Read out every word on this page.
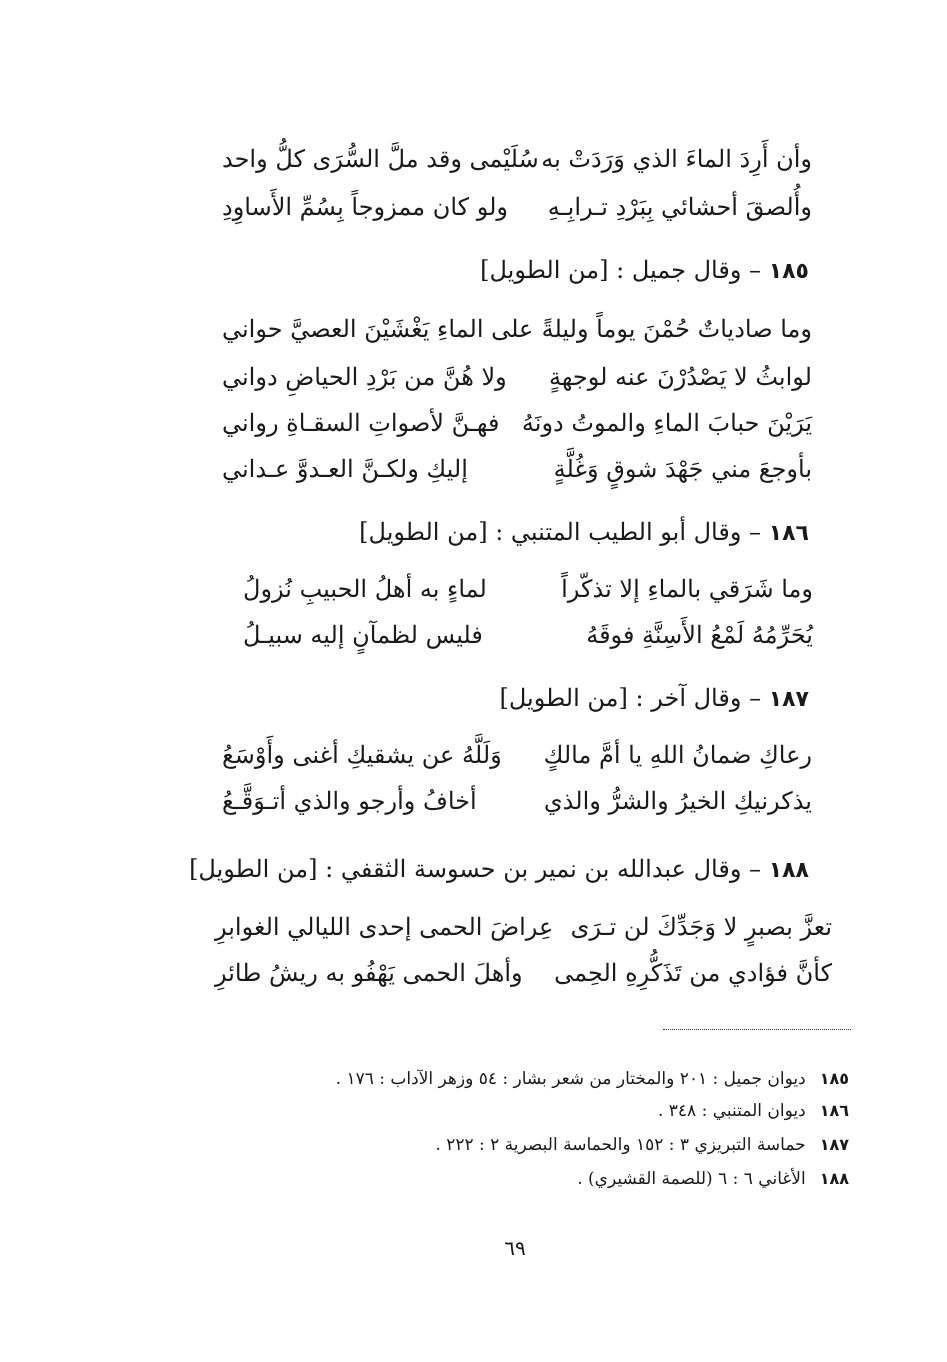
وأن أَرِدَ الماءَ الذي وَرَدَتْ به
سُلَيْمى وقد ملَّ السُّرَى كلُّ واحد
وأُلصقَ أحشائي بِبَرْدِ تـرابِـهِ
ولو كان ممزوجاً بِسُمِّ الأَساوِدِ
١٨٥ – وقال جميل : [من الطويل]
وما صادياتٌ حُمْنَ يوماً وليلةً
على الماءِ يَغْشَيْنَ العصيَّ حواني
لوابثُ لا يَصْدُرْنَ عنه لوجهةٍ
ولا هُنَّ من بَرْدِ الحياضِ دواني
يَرَيْنَ حبابَ الماءِ والموتُ دونَهُ
فهـنَّ لأصواتِ السقـاةِ رواني
بأوجعَ مني جَهْدَ شوقٍ وَغُلَّةٍ
إليكِ ولكـنَّ العـدوَّ عـداني
١٨٦ – وقال أبو الطيب المتنبي : [من الطويل]
وما شَرَقي بالماءِ إلا تذكّراً
لماءٍ به أهلُ الحبيبِ نُزولُ
يُحَرِّمُهُ لَمْعُ الأَسِنَّةِ فوقَهُ
فليس لظمآنٍ إليه سبيـلُ
١٨٧ – وقال آخر : [من الطويل]
رعاكِ ضمانُ اللهِ يا أمَّ مالكٍ
وَلَلَّهُ عن يشقيكِ أغنى وأَوْسَعُ
يذكرنيكِ الخيرُ والشرُّ والذي
أخافُ وأرجو والذي أتـوَقَّـعُ
١٨٨ – وقال عبدالله بن نمير بن حسوسة الثقفي : [من الطويل]
تعزَّ بصبرٍ لا وَجَدِّكَ لن تـرَى
عِراضَ الحمى إحدى الليالي الغوابرِ
كأنَّ فؤادي من تَذَكُّرِهِ الحِمى
وأهلَ الحمى يَهْفُو به ريشُ طائرِ
١٨٥ديوان جميل : ٢٠١ والمختار من شعر بشار : ٥٤ وزهر الآداب : ١٧٦ .
١٨٦ديوان المتنبي : ٣٤٨ .
١٨٧حماسة التبريزي ٣ : ١٥٢ والحماسة البصرية ٢ : ٢٢٢ .
١٨٨الأغاني ٦ : ٦ (للصمة القشيري) .
٦٩
